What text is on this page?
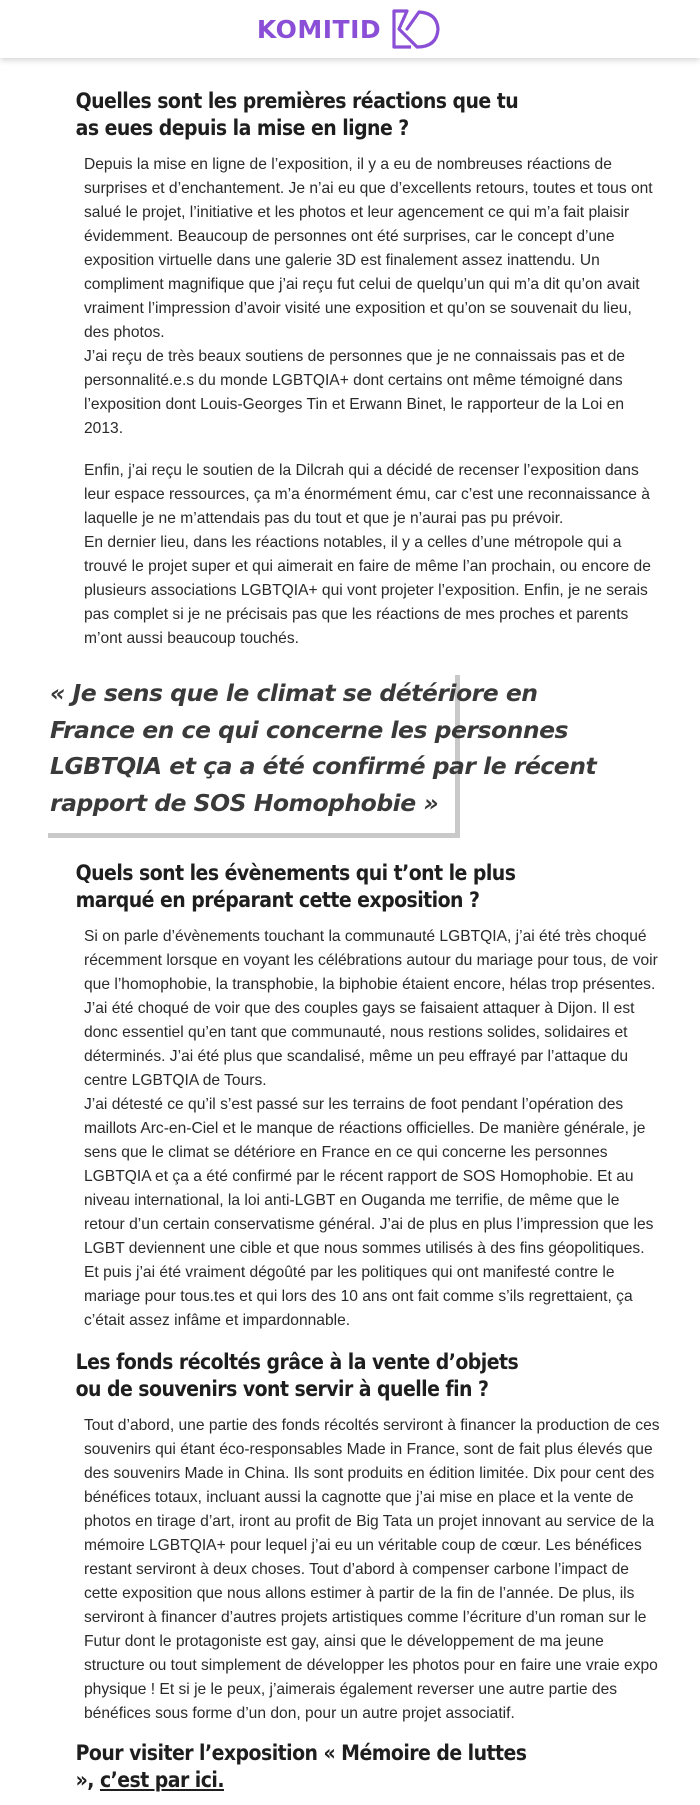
KOMITID
Quelles sont les premières réactions que tu as eues depuis la mise en ligne ?

Depuis la mise en ligne de l’exposition, il y a eu de nombreuses réactions de surprises et d’enchantement. Je n’ai eu que d’excellents retours, toutes et tous ont salué le projet, l’initiative et les photos et leur agencement ce qui m’a fait plaisir évidemment. Beaucoup de personnes ont été surprises, car le concept d’une exposition virtuelle dans une galerie 3D est finalement assez inattendu. Un compliment magnifique que j’ai reçu fut celui de quelqu’un qui m’a dit qu’on avait vraiment l’impression d’avoir visité une exposition et qu’on se souvenait du lieu, des photos.

J’ai reçu de très beaux soutiens de personnes que je ne connaissais pas et de personnalité.e.s du monde LGBTQIA+ dont certains ont même témoigné dans l’exposition dont Louis-Georges Tin et Erwann Binet, le rapporteur de la Loi en 2013.

Enfin, j’ai reçu le soutien de la Dilcrah qui a décidé de recenser l’exposition dans leur espace ressources, ça m’a énormément ému, car c’est une reconnaissance à laquelle je ne m’attendais pas du tout et que je n’aurai pas pu prévoir.

En dernier lieu, dans les réactions notables, il y a celles d’une métropole qui a trouvé le projet super et qui aimerait en faire de même l’an prochain, ou encore de plusieurs associations LGBTQIA+ qui vont projeter l’exposition. Enfin, je ne serais pas complet si je ne précisais pas que les réactions de mes proches et parents m’ont aussi beaucoup touchés.

« Je sens que le climat se détériore en
France en ce qui concerne les personnes
LGBTQIA et ça a été confirmé par le récent
rapport de SOS Homophobie »
Quels sont les évènements qui t’ont le plus marqué en préparant cette exposition ?

Si on parle d’évènements touchant la communauté LGBTQIA, j’ai été très choqué récemment lorsque en voyant les célébrations autour du mariage pour tous, de voir que l’homophobie, la transphobie, la biphobie étaient encore, hélas trop présentes.

J’ai été choqué de voir que des couples gays se faisaient attaquer à Dijon. Il est donc essentiel qu’en tant que communauté, nous restions solides, solidaires et déterminés. J’ai été plus que scandalisé, même un peu effrayé par l’attaque du centre LGBTQIA de Tours.

J’ai détesté ce qu’il s’est passé sur les terrains de foot pendant l’opération des maillots Arc-en-Ciel et le manque de réactions officielles. De manière générale, je sens que le climat se détériore en France en ce qui concerne les personnes LGBTQIA et ça a été confirmé par le récent rapport de SOS Homophobie. Et au niveau international, la loi anti-LGBT en Ouganda me terrifie, de même que le retour d’un certain conservatisme général. J’ai de plus en plus l’impression que les LGBT deviennent une cible et que nous sommes utilisés à des fins géopolitiques. Et puis j’ai été vraiment dégoûté par les politiques qui ont manifesté contre le mariage pour tous.tes et qui lors des 10 ans ont fait comme s’ils regrettaient, ça c’était assez infâme et impardonnable.

Les fonds récoltés grâce à la vente d’objets ou de souvenirs vont servir à quelle fin ?

Tout d’abord, une partie des fonds récoltés serviront à financer la production de ces souvenirs qui étant éco-responsables Made in France, sont de fait plus élevés que des souvenirs Made in China. Ils sont produits en édition limitée. Dix pour cent des bénéfices totaux, incluant aussi la cagnotte que j’ai mise en place et la vente de photos en tirage d’art, iront au profit de Big Tata un projet innovant au service de la mémoire LGBTQIA+ pour lequel j’ai eu un véritable coup de cœur. Les bénéfices restant serviront à deux choses. Tout d’abord à compenser carbone l’impact de cette exposition que nous allons estimer à partir de la fin de l’année. De plus, ils serviront à financer d’autres projets artistiques comme l’écriture d’un roman sur le Futur dont le protagoniste est gay, ainsi que le développement de ma jeune structure ou tout simplement de développer les photos pour en faire une vraie expo physique ! Et si je le peux, j’aimerais également reverser une autre partie des bénéfices sous forme d’un don, pour un autre projet associatif.

Pour visiter l’exposition « Mémoire de luttes », c’est par ici.
